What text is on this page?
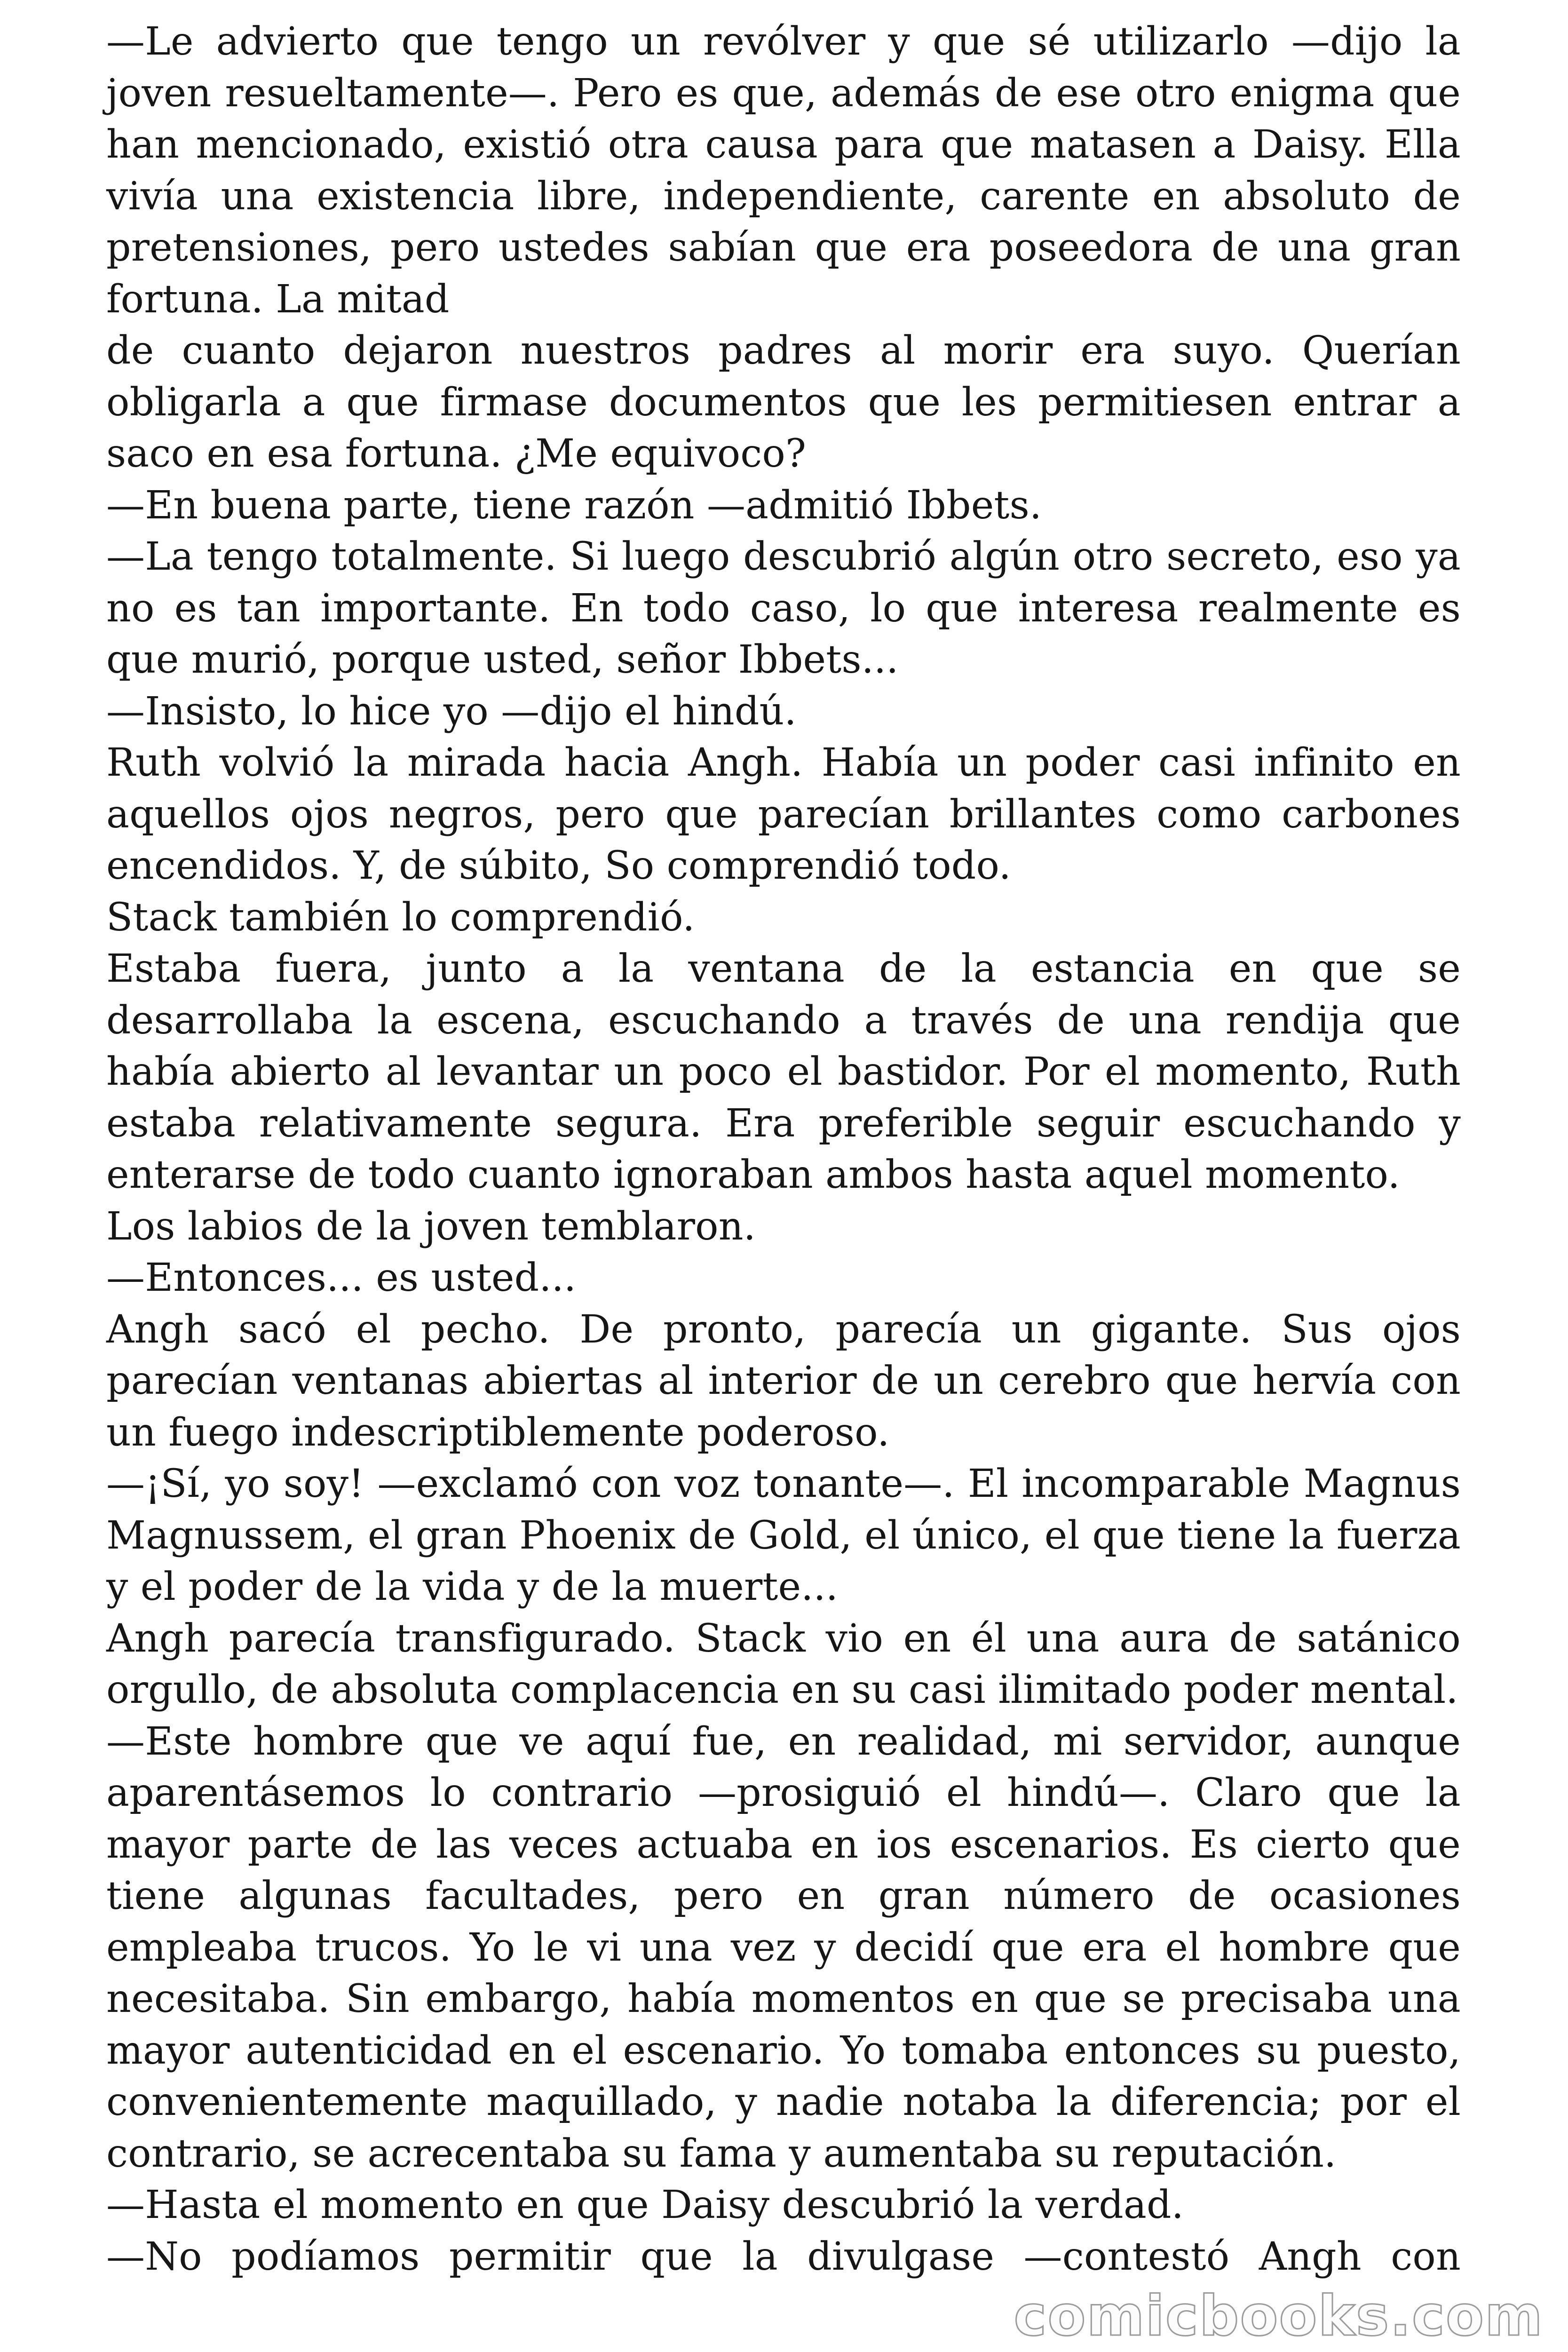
—Le advierto que tengo un revólver y que sé utilizarlo —dijo la joven resueltamente—. Pero es que, además de ese otro enigma que han mencionado, existió otra causa para que matasen a Daisy. Ella vivía una existencia libre, independiente, carente en absoluto de pretensiones, pero ustedes sabían que era poseedora de una gran fortuna. La mitad

de cuanto dejaron nuestros padres al morir era suyo. Querían obligarla a que firmase documentos que les permitiesen entrar a saco en esa fortuna. ¿Me equivoco?

—En buena parte, tiene razón —admitió Ibbets.

—La tengo totalmente. Si luego descubrió algún otro secreto, eso ya no es tan importante. En todo caso, lo que interesa realmente es que murió, porque usted, señor Ibbets...

—Insisto, lo hice yo —dijo el hindú.

Ruth volvió la mirada hacia Angh. Había un poder casi infinito en aquellos ojos negros, pero que parecían brillantes como carbones encendidos. Y, de súbito, So comprendió todo.

Stack también lo comprendió.

Estaba fuera, junto a la ventana de la estancia en que se desarrollaba la escena, escuchando a través de una rendija que había abierto al levantar un poco el bastidor. Por el momento, Ruth estaba relativamente segura. Era preferible seguir escuchando y enterarse de todo cuanto ignoraban ambos hasta aquel momento.

Los labios de la joven temblaron.

—Entonces... es usted...

Angh sacó el pecho. De pronto, parecía un gigante. Sus ojos parecían ventanas abiertas al interior de un cerebro que hervía con un fuego indescriptiblemente poderoso.

—¡Sí, yo soy! —exclamó con voz tonante—. El incomparable Magnus Magnussem, el gran Phoenix de Gold, el único, el que tiene la fuerza y el poder de la vida y de la muerte...

Angh parecía transfigurado. Stack vio en él una aura de satánico orgullo, de absoluta complacencia en su casi ilimitado poder mental.

—Este hombre que ve aquí fue, en realidad, mi servidor, aunque aparentásemos lo contrario —prosiguió el hindú—. Claro que la mayor parte de las veces actuaba en ios escenarios. Es cierto que tiene algunas facultades, pero en gran número de ocasiones empleaba trucos. Yo le vi una vez y decidí que era el hombre que necesitaba. Sin embargo, había momentos en que se precisaba una mayor autenticidad en el escenario. Yo tomaba entonces su puesto, convenientemente maquillado, y nadie notaba la diferencia; por el contrario, se acrecentaba su fama y aumentaba su reputación.

—Hasta el momento en que Daisy descubrió la verdad.

—No podíamos permitir que la divulgase —contestó Angh con

comicbooks.com
